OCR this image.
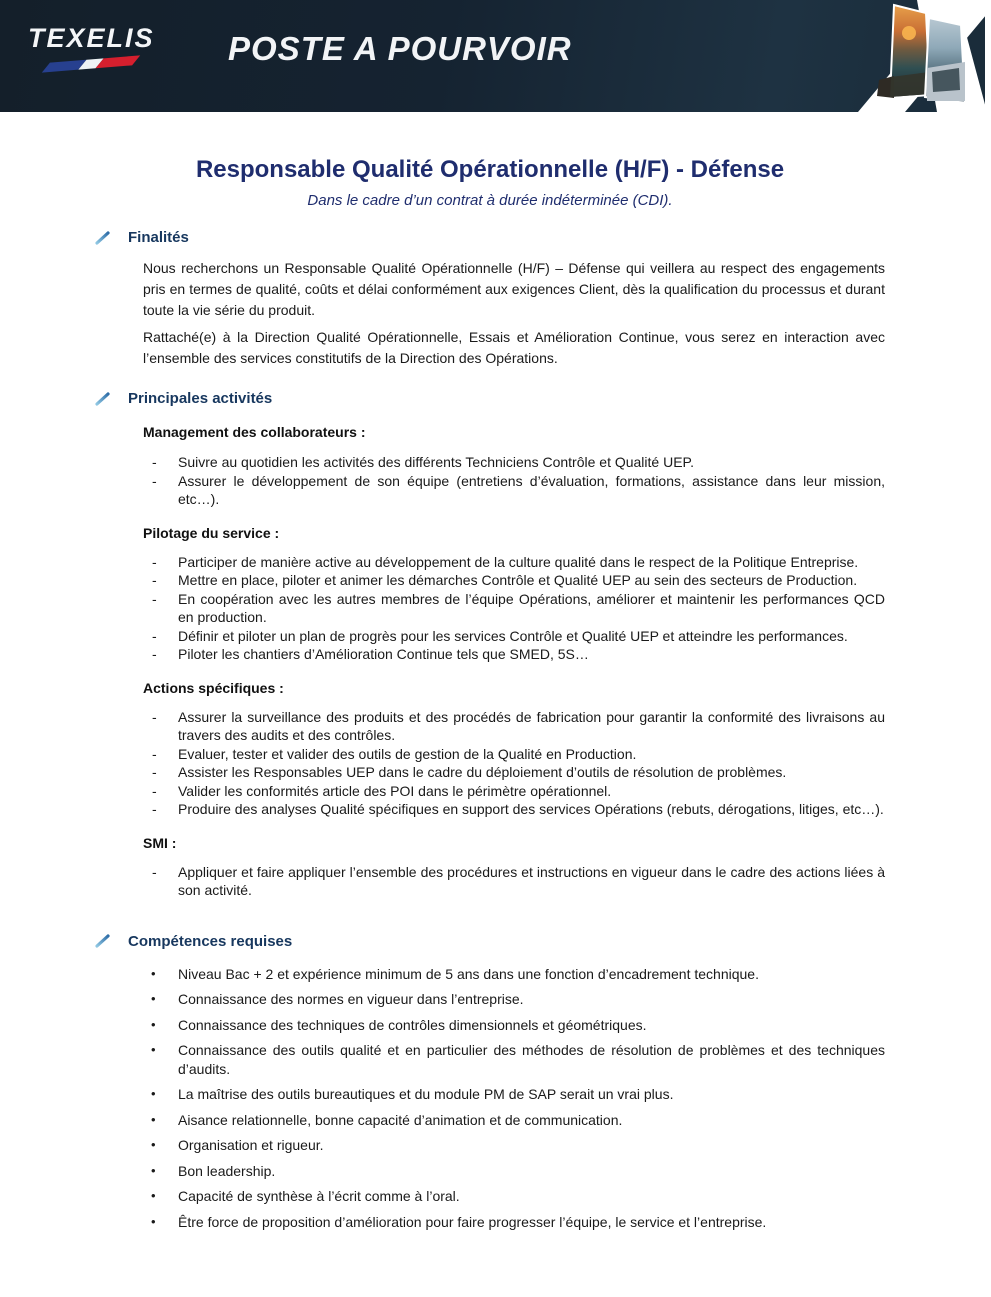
TEXELIS POSTE A POURVOIR
Responsable Qualité Opérationnelle (H/F) - Défense
Dans le cadre d’un contrat à durée indéterminée (CDI).
Finalités
Nous recherchons un Responsable Qualité Opérationnelle (H/F) – Défense qui veillera au respect des engagements pris en termes de qualité, coûts et délai conformément aux exigences Client, dès la qualification du processus et durant toute la vie série du produit.
Rattaché(e) à la Direction Qualité Opérationnelle, Essais et Amélioration Continue, vous serez en interaction avec l’ensemble des services constitutifs de la Direction des Opérations.
Principales activités
Management des collaborateurs :
-	Suivre au quotidien les activités des différents Techniciens Contrôle et Qualité UEP.
-	Assurer le développement de son équipe (entretiens d’évaluation, formations, assistance dans leur mission, etc…).
Pilotage du service :
-	Participer de manière active au développement de la culture qualité dans le respect de la Politique Entreprise.
-	Mettre en place, piloter et animer les démarches Contrôle et Qualité UEP au sein des secteurs de Production.
-	En coopération avec les autres membres de l’équipe Opérations, améliorer et maintenir les performances QCD en production.
-	Définir et piloter un plan de progrès pour les services Contrôle et Qualité UEP et atteindre les performances.
-	Piloter les chantiers d’Amélioration Continue tels que SMED, 5S…
Actions spécifiques :
-	Assurer la surveillance des produits et des procédés de fabrication pour garantir la conformité des livraisons au travers des audits et des contrôles.
-	Evaluer, tester et valider des outils de gestion de la Qualité en Production.
-	Assister les Responsables UEP dans le cadre du déploiement d’outils de résolution de problèmes.
-	Valider les conformités article des POI dans le périmètre opérationnel.
-	Produire des analyses Qualité spécifiques en support des services Opérations (rebuts, dérogations, litiges, etc…).
SMI :
-	Appliquer et faire appliquer l’ensemble des procédures et instructions en vigueur dans le cadre des actions liées à son activité.
Compétences requises
•	Niveau Bac + 2 et expérience minimum de 5 ans dans une fonction d’encadrement technique.
•	Connaissance des normes en vigueur dans l’entreprise.
•	Connaissance des techniques de contrôles dimensionnels et géométriques.
•	Connaissance des outils qualité et en particulier des méthodes de résolution de problèmes et des techniques d’audits.
•	La maîtrise des outils bureautiques et du module PM de SAP serait un vrai plus.
•	Aisance relationnelle, bonne capacité d’animation et de communication.
•	Organisation et rigueur.
•	Bon leadership.
•	Capacité de synthèse à l’écrit comme à l’oral.
•	Être force de proposition d’amélioration pour faire progresser l’équipe, le service et l’entreprise.
